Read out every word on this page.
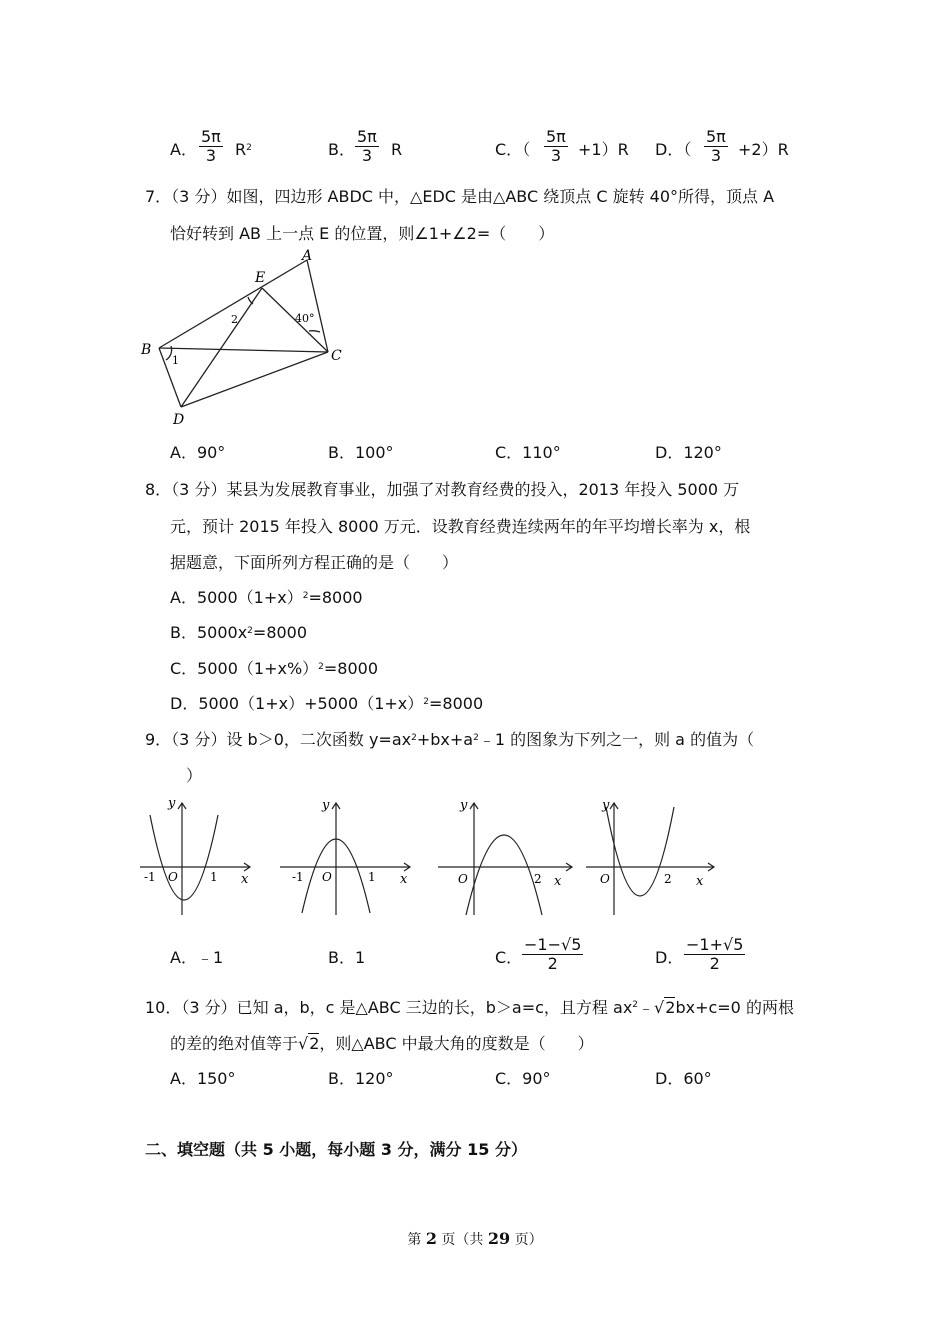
A． $\frac{5\pi}{3} R^2$	B． $\frac{5\pi}{3}$ R	C．（ $\frac{5\pi}{3} +1)R$ D．（ $\frac{5\pi}{3} +2)R$
7．（3 分）如图，四边形 ABDC 中，△EDC 是由△ABC 绕顶点 C 旋转 40°所得，顶点 A
恰好转到 AB 上一点 E 的位置，则∠1+∠2=（　　）
A
E
B	C
D
1
2	40°
A．90°	B．100°	C．110°	D．120°
8．（3 分）某县为发展教育事业，加强了对教育经费的投入，2013 年投入 5000 万
元，预计 2015 年投入 8000 万元．设教育经费连续两年的年平均增长率为 x，根
据题意，下面所列方程正确的是（　　）
A．$5000(1+x)^2=8000$
B．$5000x^2=8000$
C．$5000(1+x\%)^2=8000$
D．$5000(1+x)+5000(1+x)^2=8000$
9．（3 分）设 b＞0，二次函数 $y=ax^2+bx+a^2﹣1$ 的图象为下列之一，则 a 的值为（
）
y
x
O
-1	1
y
x
O
-1	1
y
x
O	2
y
x
O	2
A．﹣1	B．1	C． $\frac{-1-√5}{2}$	D． $\frac{-1+√5}{2}$
10．（3 分）已知 a，b，c 是△ABC 三边的长，b＞a=c，且方程 $ax^2﹣√2bx+c=0$ 的两根
的差的绝对值等于√2，则△ABC 中最大角的度数是（　　）
A．150°	B．120°	C．90°	D．60°
二、填空题（共 5 小题，每小题 3 分，满分 15 分）
第 2 页（共 29 页）
